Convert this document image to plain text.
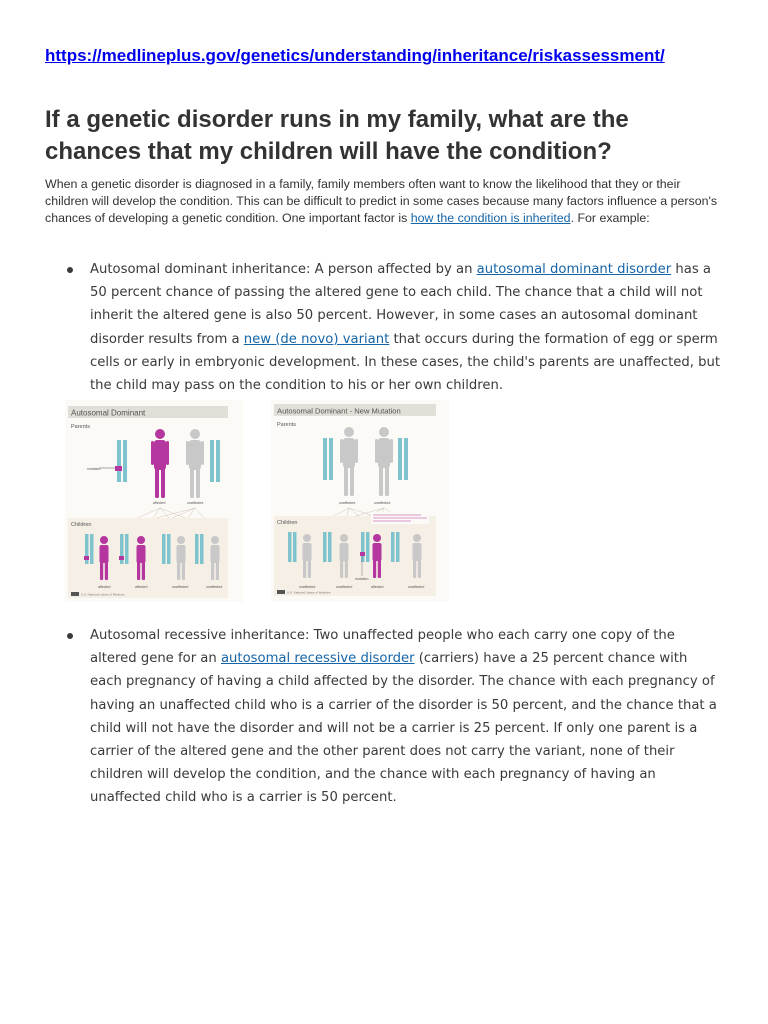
https://medlineplus.gov/genetics/understanding/inheritance/riskassessment/
If a genetic disorder runs in my family, what are the chances that my children will have the condition?

When a genetic disorder is diagnosed in a family, family members often want to know the likelihood that they or their children will develop the condition. This can be difficult to predict in some cases because many factors influence a person's chances of developing a genetic condition. One important factor is how the condition is inherited. For example:

Autosomal dominant inheritance: A person affected by an autosomal dominant disorder has a 50 percent chance of passing the altered gene to each child. The chance that a child will not inherit the altered gene is also 50 percent. However, in some cases an autosomal dominant disorder results from a new (de novo) variant that occurs during the formation of egg or sperm cells or early in embryonic development. In these cases, the child's parents are unaffected, but the child may pass on the condition to his or her own children.

Autosomal Dominant
Parents
mutation
affected	unaffected
Children
affected	affected	unaffected	unaffected
U.S. National Library of Medicine
Autosomal Dominant - New Mutation
Parents
unaffected	unaffected
Children
unaffected	unaffected
mutation
affected	unaffected
U.S. National Library of Medicine

Autosomal recessive inheritance: Two unaffected people who each carry one copy of the altered gene for an autosomal recessive disorder (carriers) have a 25 percent chance with each pregnancy of having a child affected by the disorder. The chance with each pregnancy of having an unaffected child who is a carrier of the disorder is 50 percent, and the chance that a child will not have the disorder and will not be a carrier is 25 percent. If only one parent is a carrier of the altered gene and the other parent does not carry the variant, none of their children will develop the condition, and the chance with each pregnancy of having an unaffected child who is a carrier is 50 percent.
